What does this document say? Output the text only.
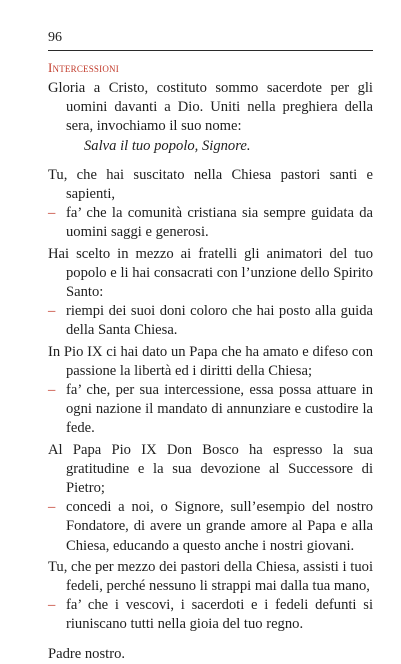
96
Intercessioni
Gloria a Cristo, costituto sommo sacerdote per gli uomini davanti a Dio. Uniti nella preghiera della sera, invochiamo il suo nome:
Salva il tuo popolo, Signore.
Tu, che hai suscitato nella Chiesa pastori santi e sapienti,
– fa’ che la comunità cristiana sia sempre guidata da uomini saggi e generosi.
Hai scelto in mezzo ai fratelli gli animatori del tuo popolo e li hai consacrati con l’unzione dello Spirito Santo:
– riempi dei suoi doni coloro che hai posto alla guida della Santa Chiesa.
In Pio IX ci hai dato un Papa che ha amato e difeso con passione la libertà ed i diritti della Chiesa;
– fa’ che, per sua intercessione, essa possa attuare in ogni nazione il mandato di annunziare e custodire la fede.
Al Papa Pio IX Don Bosco ha espresso la sua gratitudine e la sua devozione al Successore di Pietro;
– concedi a noi, o Signore, sull’esempio del nostro Fondatore, di avere un grande amore al Papa e alla Chiesa, educando a questo anche i nostri giovani.
Tu, che per mezzo dei pastori della Chiesa, assisti i tuoi fedeli, perché nessuno li strappi mai dalla tua mano,
– fa’ che i vescovi, i sacerdoti e i fedeli defunti si riuniscano tutti nella gioia del tuo regno.
Padre nostro.
